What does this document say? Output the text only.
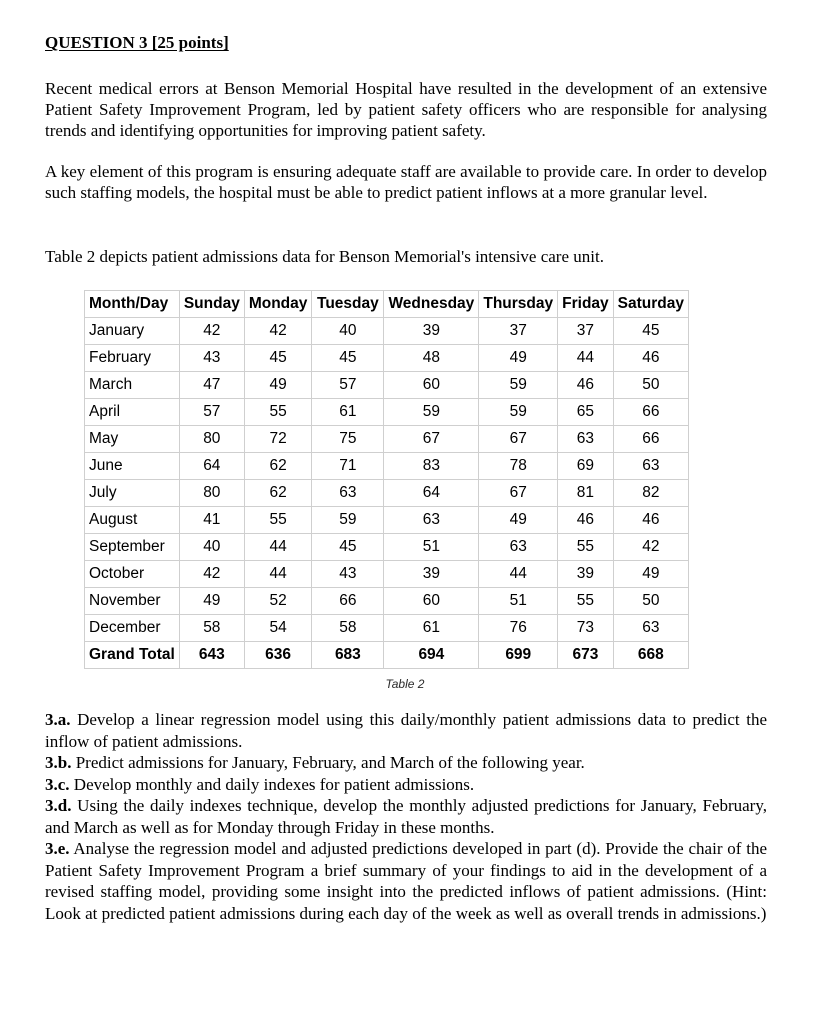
QUESTION 3 [25 points]

Recent medical errors at Benson Memorial Hospital have resulted in the development of an extensive Patient Safety Improvement Program, led by patient safety officers who are responsible for analysing trends and identifying opportunities for improving patient safety.

A key element of this program is ensuring adequate staff are available to provide care. In order to develop such staffing models, the hospital must be able to predict patient inflows at a more granular level.

Table 2 depicts patient admissions data for Benson Memorial's intensive care unit.

Month/Day	Sunday	Monday	Tuesday	Wednesday	Thursday	Friday	Saturday
January	42	42	40	39	37	37	45
February	43	45	45	48	49	44	46
March	47	49	57	60	59	46	50
April	57	55	61	59	59	65	66
May	80	72	75	67	67	63	66
June	64	62	71	83	78	69	63
July	80	62	63	64	67	81	82
August	41	55	59	63	49	46	46
September	40	44	45	51	63	55	42
October	42	44	43	39	44	39	49
November	49	52	66	60	51	55	50
December	58	54	58	61	76	73	63
Grand Total	643	636	683	694	699	673	668
Table 2

3.a. Develop a linear regression model using this daily/monthly patient admissions data to predict the inflow of patient admissions.

3.b. Predict admissions for January, February, and March of the following year.

3.c. Develop monthly and daily indexes for patient admissions.

3.d. Using the daily indexes technique, develop the monthly adjusted predictions for January, February, and March as well as for Monday through Friday in these months.

3.e. Analyse the regression model and adjusted predictions developed in part (d). Provide the chair of the Patient Safety Improvement Program a brief summary of your findings to aid in the development of a revised staffing model, providing some insight into the predicted inflows of patient admissions. (Hint: Look at predicted patient admissions during each day of the week as well as overall trends in admissions.)
